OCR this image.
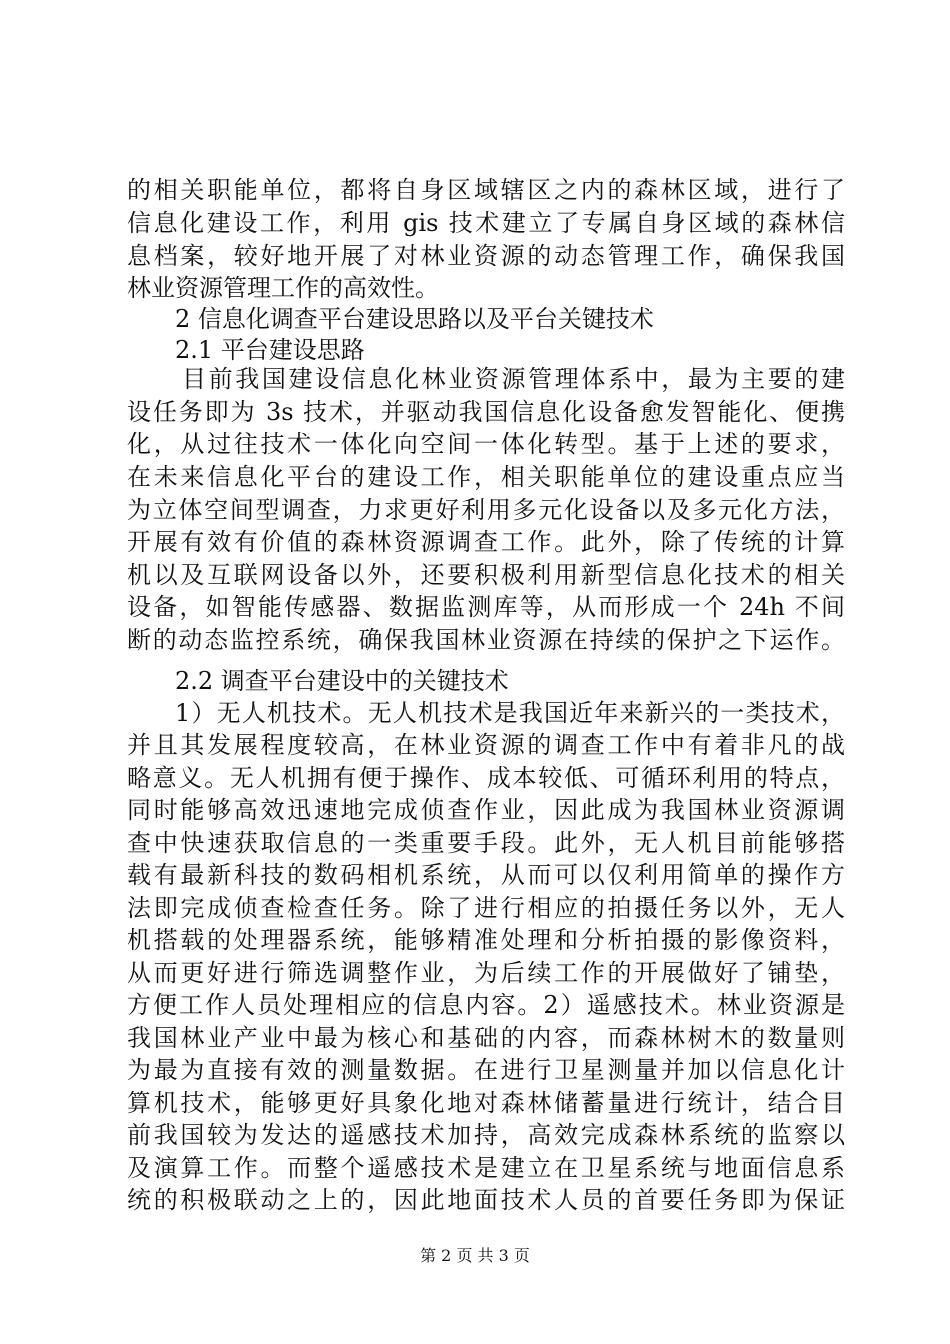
的相关职能单位，都将自身区域辖区之内的森林区域，进行了
信息化建设工作，利用 gis 技术建立了专属自身区域的森林信
息档案，较好地开展了对林业资源的动态管理工作，确保我国
林业资源管理工作的高效性。
2 信息化调查平台建设思路以及平台关键技术
2.1 平台建设思路
目前我国建设信息化林业资源管理体系中，最为主要的建
设任务即为 3s 技术，并驱动我国信息化设备愈发智能化、便携
化，从过往技术一体化向空间一体化转型。基于上述的要求，
在未来信息化平台的建设工作，相关职能单位的建设重点应当
为立体空间型调查，力求更好利用多元化设备以及多元化方法，
开展有效有价值的森林资源调查工作。此外，除了传统的计算
机以及互联网设备以外，还要积极利用新型信息化技术的相关
设备，如智能传感器、数据监测库等，从而形成一个 24h 不间
断的动态监控系统，确保我国林业资源在持续的保护之下运作。
2.2 调查平台建设中的关键技术
1）无人机技术。无人机技术是我国近年来新兴的一类技术，
并且其发展程度较高，在林业资源的调查工作中有着非凡的战
略意义。无人机拥有便于操作、成本较低、可循环利用的特点，
同时能够高效迅速地完成侦查作业，因此成为我国林业资源调
查中快速获取信息的一类重要手段。此外，无人机目前能够搭
载有最新科技的数码相机系统，从而可以仅利用简单的操作方
法即完成侦查检查任务。除了进行相应的拍摄任务以外，无人
机搭载的处理器系统，能够精准处理和分析拍摄的影像资料，
从而更好进行筛选调整作业，为后续工作的开展做好了铺垫，
方便工作人员处理相应的信息内容。2）遥感技术。林业资源是
我国林业产业中最为核心和基础的内容，而森林树木的数量则
为最为直接有效的测量数据。在进行卫星测量并加以信息化计
算机技术，能够更好具象化地对森林储蓄量进行统计，结合目
前我国较为发达的遥感技术加持，高效完成森林系统的监察以
及演算工作。而整个遥感技术是建立在卫星系统与地面信息系
统的积极联动之上的，因此地面技术人员的首要任务即为保证
第 2 页 共 3 页
